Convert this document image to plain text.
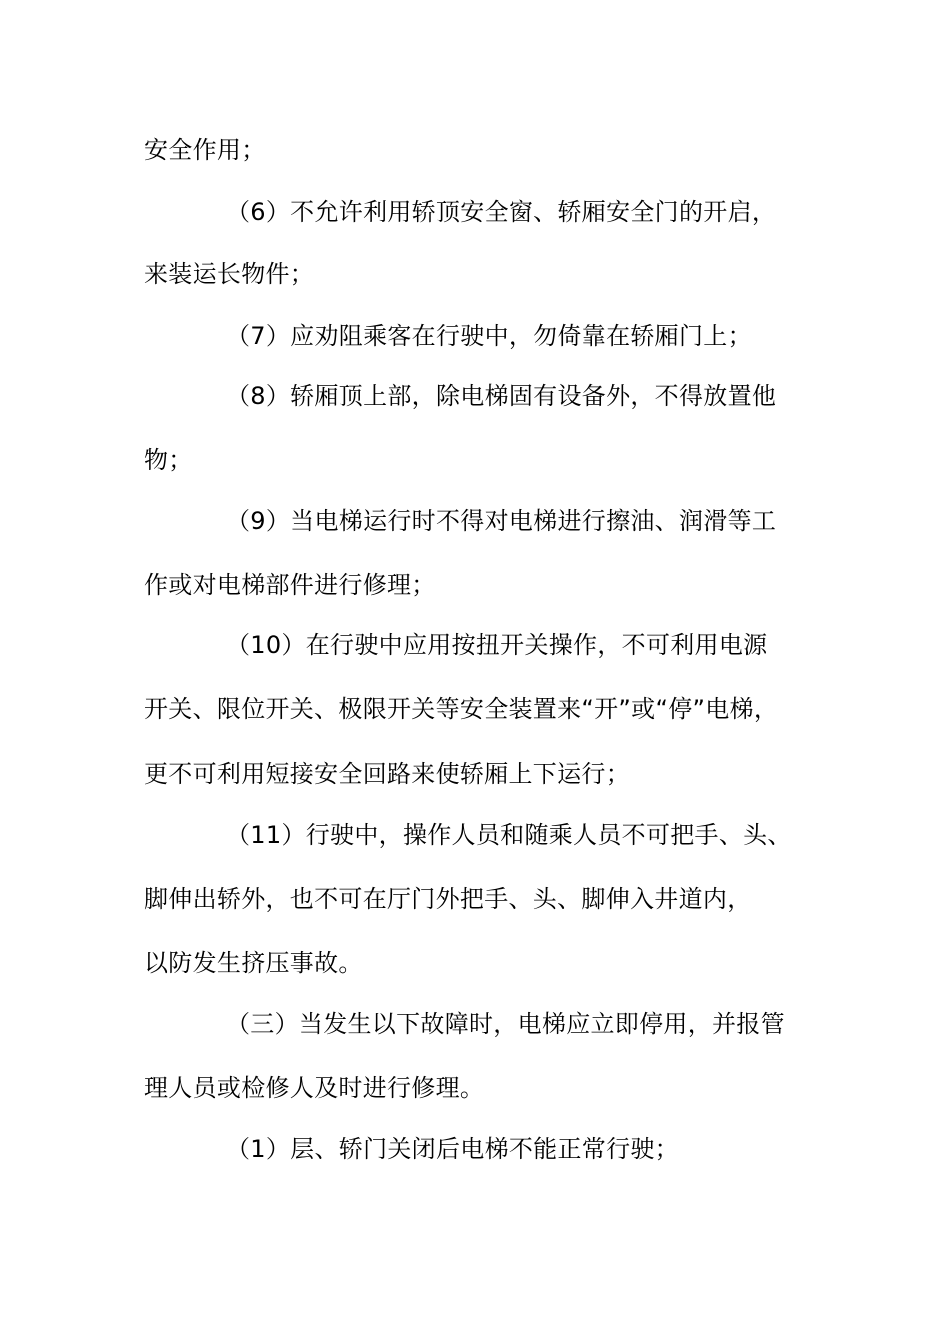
安全作用；
（6）不允许利用轿顶安全窗、轿厢安全门的开启，
来装运长物件；
（7）应劝阻乘客在行驶中，勿倚靠在轿厢门上；
（8）轿厢顶上部，除电梯固有设备外，不得放置他
物；
（9）当电梯运行时不得对电梯进行擦油、润滑等工
作或对电梯部件进行修理；
（10）在行驶中应用按扭开关操作，不可利用电源
开关、限位开关、极限开关等安全装置来“开”或“停”电梯，
更不可利用短接安全回路来使轿厢上下运行；
（11）行驶中，操作人员和随乘人员不可把手、头、
脚伸出轿外，也不可在厅门外把手、头、脚伸入井道内，
以防发生挤压事故。
（三）当发生以下故障时，电梯应立即停用，并报管
理人员或检修人及时进行修理。
（1）层、轿门关闭后电梯不能正常行驶；
